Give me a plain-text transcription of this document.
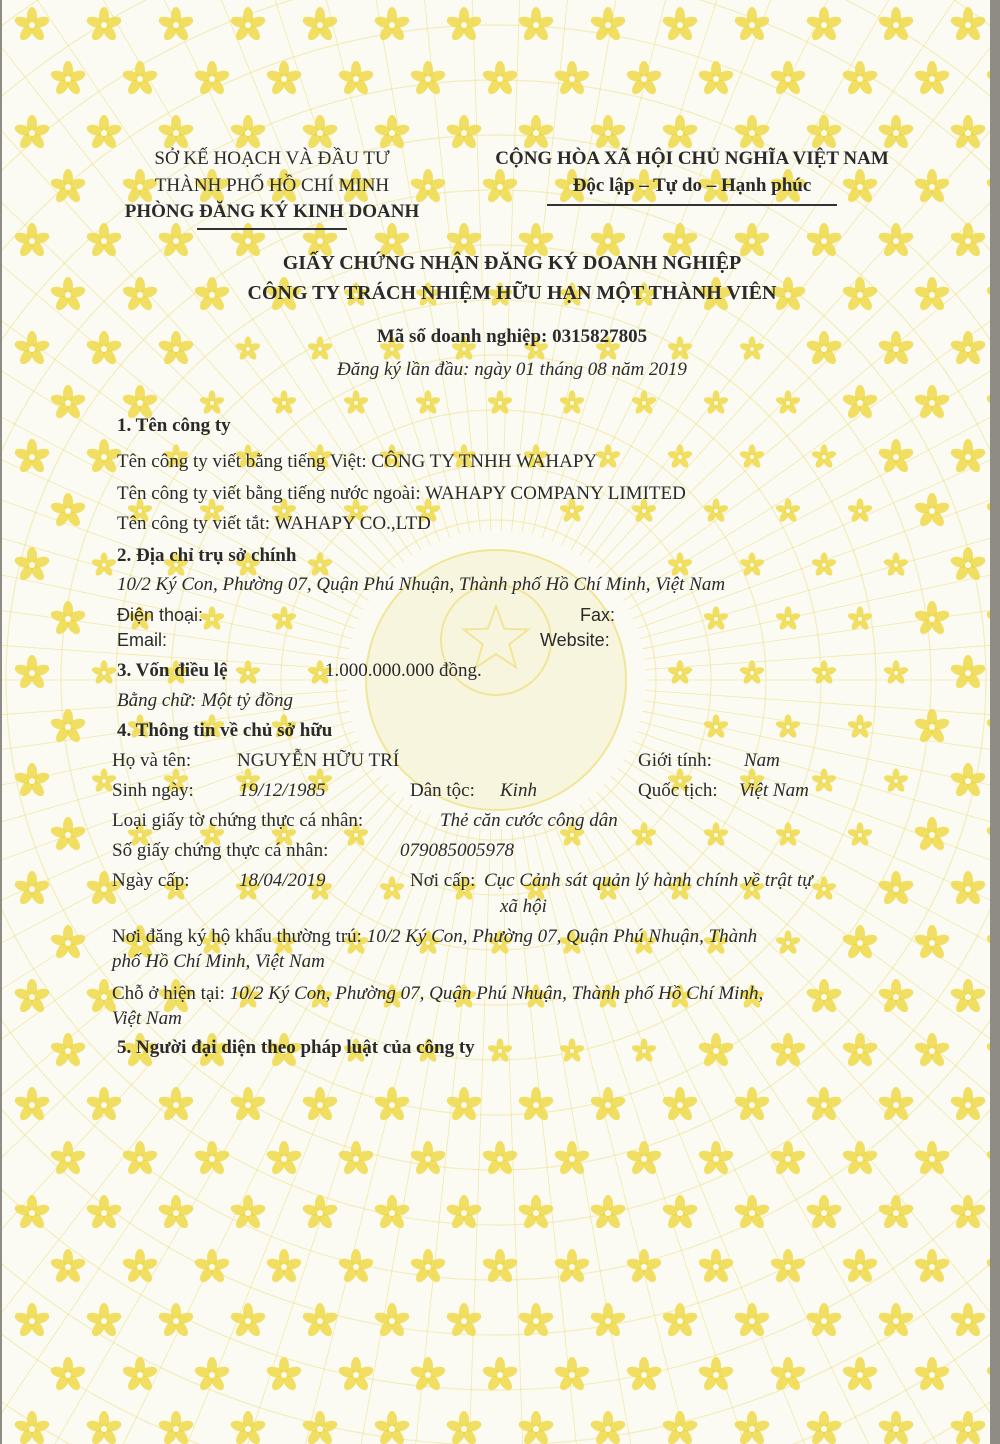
SỞ KẾ HOẠCH VÀ ĐẦU TƯ
THÀNH PHỐ HỒ CHÍ MINH
PHÒNG ĐĂNG KÝ KINH DOANH
CỘNG HÒA XÃ HỘI CHỦ NGHĨA VIỆT NAM
Độc lập – Tự do – Hạnh phúc
GIẤY CHỨNG NHẬN ĐĂNG KÝ DOANH NGHIỆP
CÔNG TY TRÁCH NHIỆM HỮU HẠN MỘT THÀNH VIÊN
Mã số doanh nghiệp: 0315827805
Đăng ký lần đầu: ngày 01 tháng 08 năm 2019
1. Tên công ty
Tên công ty viết bằng tiếng Việt: CÔNG TY TNHH WAHAPY
Tên công ty viết bằng tiếng nước ngoài: WAHAPY COMPANY LIMITED
Tên công ty viết tắt: WAHAPY CO.,LTD
2. Địa chỉ trụ sở chính
10/2 Ký Con, Phường 07, Quận Phú Nhuận, Thành phố Hồ Chí Minh, Việt Nam
Điện thoại:	Fax:
Email:	Website:
3. Vốn điều lệ	1.000.000.000 đồng.
Bằng chữ: Một tỷ đồng
4. Thông tin về chủ sở hữu
Họ và tên: NGUYỄN HỮU TRÍ	Giới tính: Nam
Sinh ngày: 19/12/1985	Dân tộc: Kinh	Quốc tịch: Việt Nam
Loại giấy tờ chứng thực cá nhân:	Thẻ căn cước công dân
Số giấy chứng thực cá nhân:	079085005978
Ngày cấp:	18/04/2019	Nơi cấp: Cục Cảnh sát quản lý hành chính về trật tự
xã hội
Nơi đăng ký hộ khẩu thường trú: 10/2 Ký Con, Phường 07, Quận Phú Nhuận, Thành
phố Hồ Chí Minh, Việt Nam
Chỗ ở hiện tại: 10/2 Ký Con, Phường 07, Quận Phú Nhuận, Thành phố Hồ Chí Minh,
Việt Nam
5. Người đại diện theo pháp luật của công ty
